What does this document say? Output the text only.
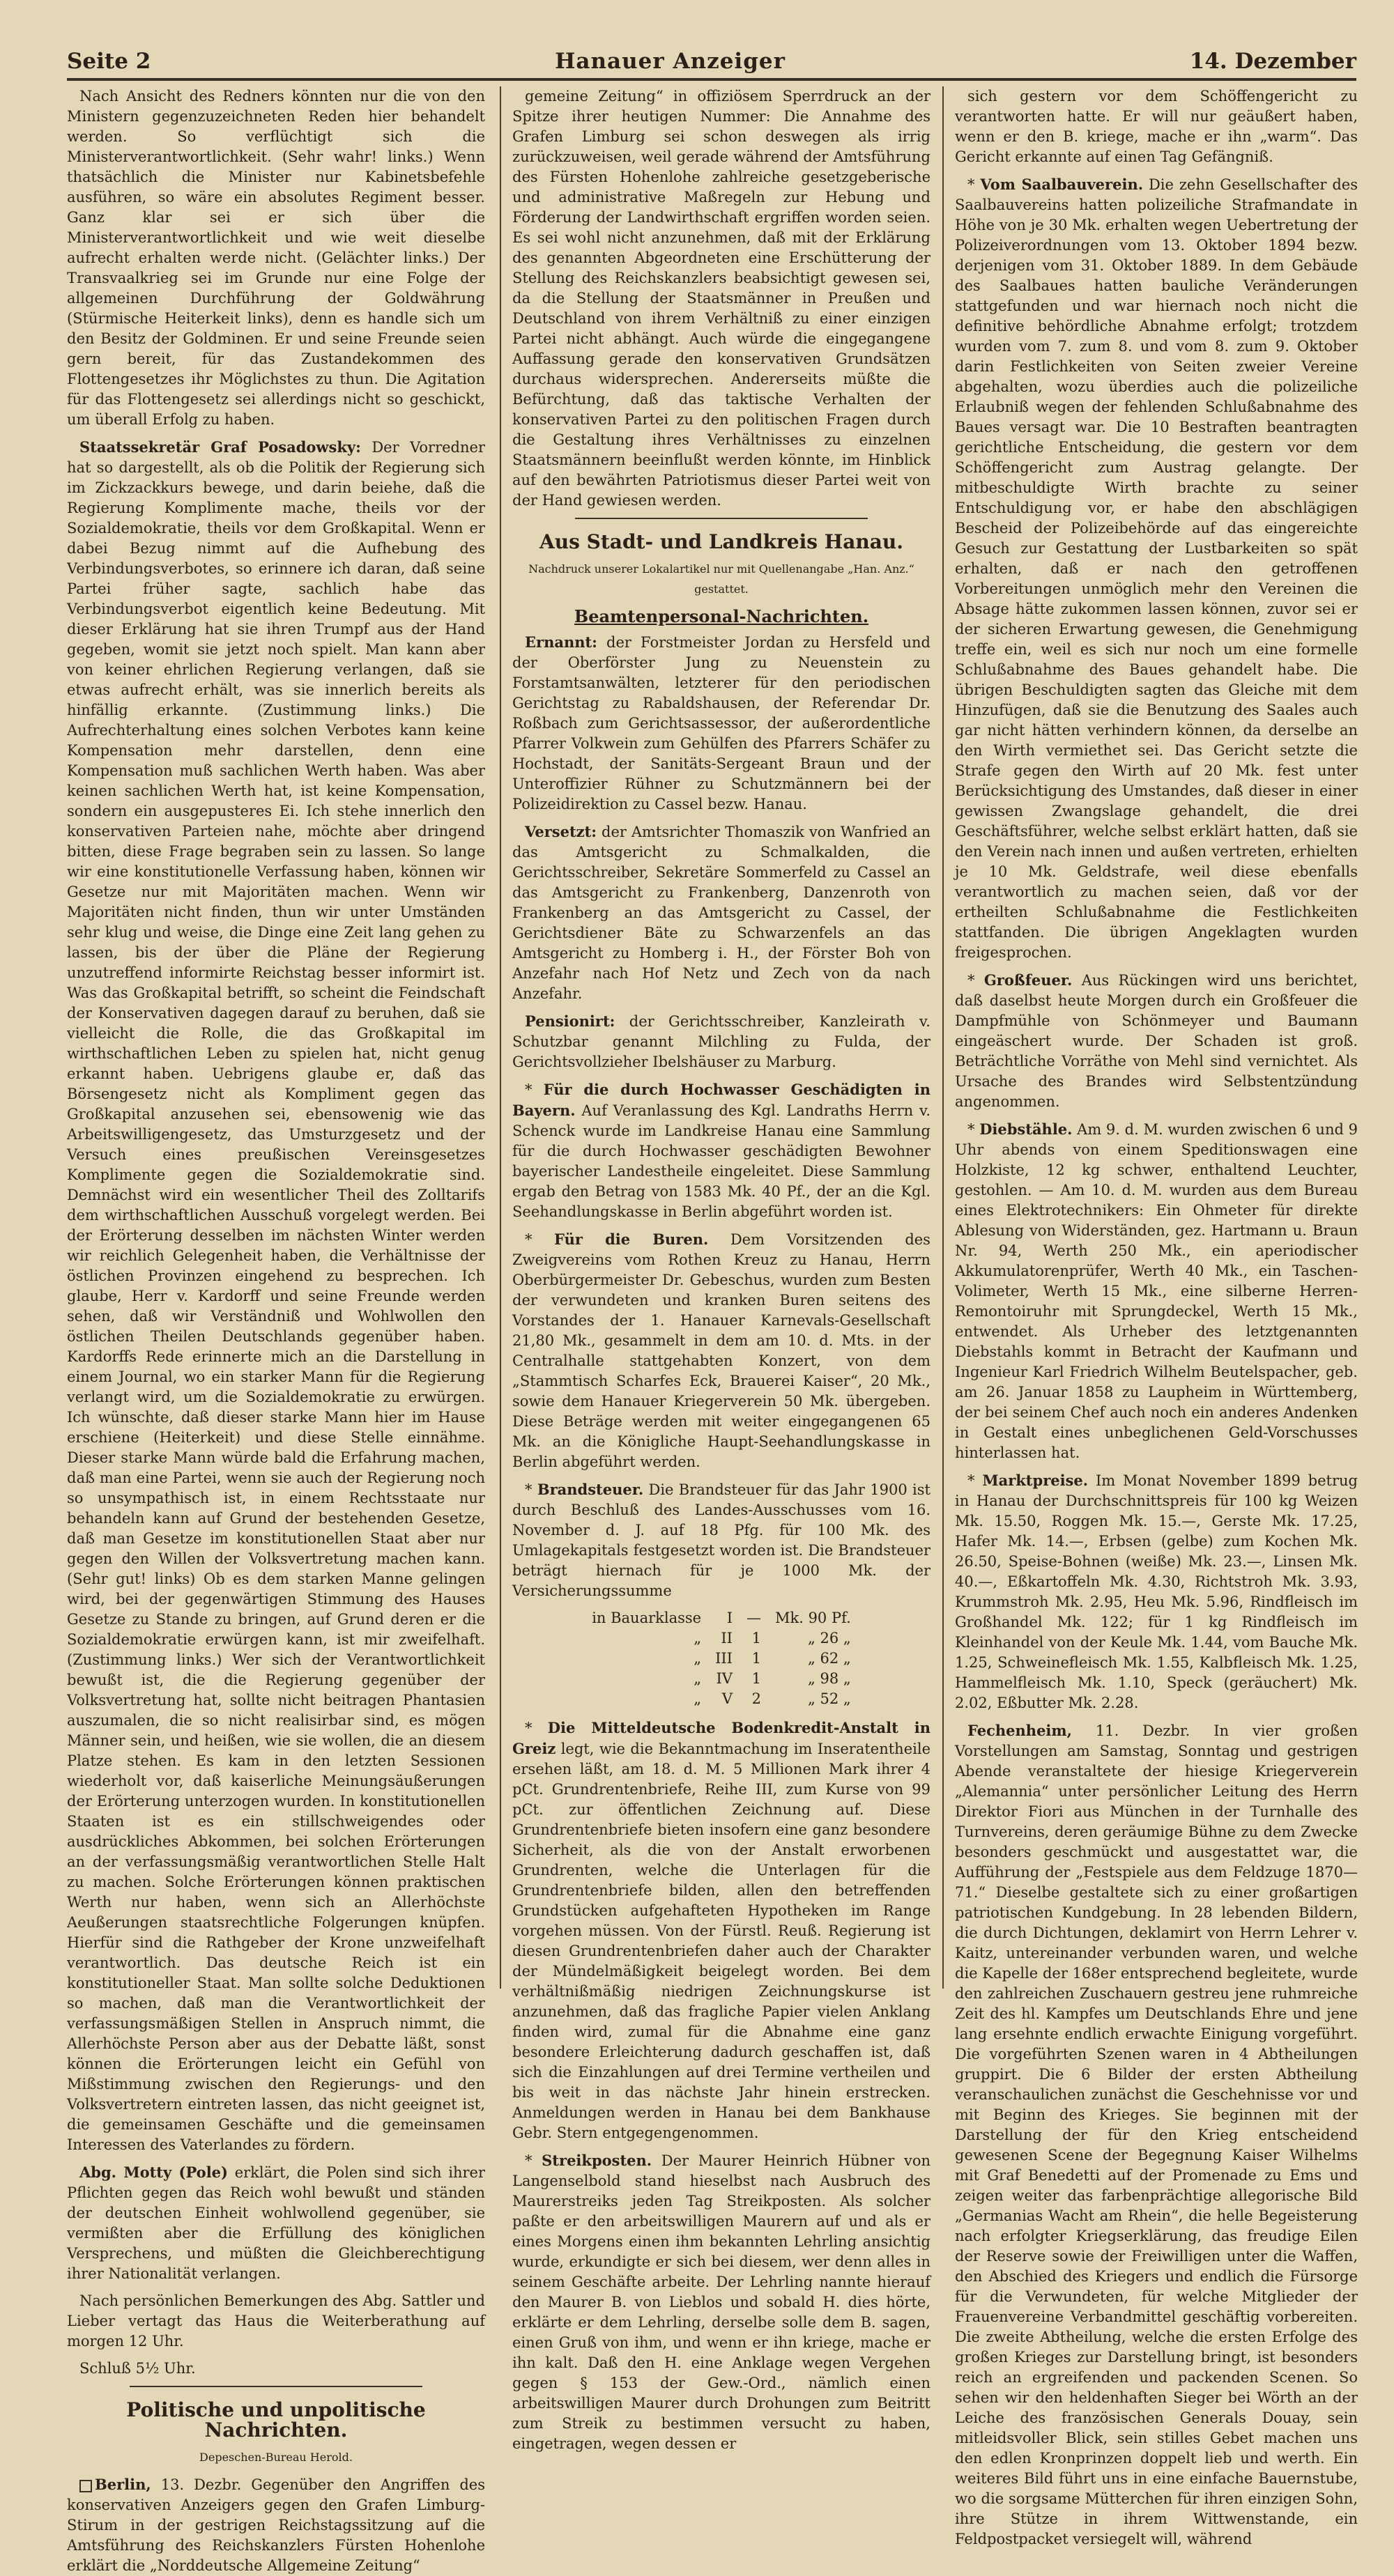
Seite 2	Hanauer Anzeiger	14. Dezember

Nach Ansicht des Redners könnten nur die von den Ministern gegenzuzeichneten Reden hier behandelt werden. So verflüchtigt sich die Ministerverantwortlichkeit. (Sehr wahr! links.) Wenn thatsächlich die Minister nur Kabinetsbefehle ausführen, so wäre ein absolutes Regiment besser. Ganz klar sei er sich über die Ministerverantwortlichkeit und wie weit dieselbe aufrecht erhalten werde nicht. (Gelächter links.) Der Transvaalkrieg sei im Grunde nur eine Folge der allgemeinen Durchführung der Goldwährung (Stürmische Heiterkeit links), denn es handle sich um den Besitz der Goldminen. Er und seine Freunde seien gern bereit, für das Zustandekommen des Flottengesetzes ihr Möglichstes zu thun. Die Agitation für das Flottengesetz sei allerdings nicht so geschickt, um überall Erfolg zu haben.

Staatssekretär Graf Posadowsky: Der Vorredner hat so dargestellt, als ob die Politik der Regierung sich im Zickzackkurs bewege, und darin beiehe, daß die Regierung Komplimente mache, theils vor der Sozialdemokratie, theils vor dem Großkapital. Wenn er dabei Bezug nimmt auf die Aufhebung des Verbindungsverbotes, so erinnere ich daran, daß seine Partei früher sagte, sachlich habe das Verbindungsverbot eigentlich keine Bedeutung. Mit dieser Erklärung hat sie ihren Trumpf aus der Hand gegeben, womit sie jetzt noch spielt. Man kann aber von keiner ehrlichen Regierung verlangen, daß sie etwas aufrecht erhält, was sie innerlich bereits als hinfällig erkannte. (Zustimmung links.) Die Aufrechterhaltung eines solchen Verbotes kann keine Kompensation mehr darstellen, denn eine Kompensation muß sachlichen Werth haben. Was aber keinen sachlichen Werth hat, ist keine Kompensation, sondern ein ausgepusteres Ei. Ich stehe innerlich den konservativen Parteien nahe, möchte aber dringend bitten, diese Frage begraben sein zu lassen. So lange wir eine konstitutionelle Verfassung haben, können wir Gesetze nur mit Majoritäten machen. Wenn wir Majoritäten nicht finden, thun wir unter Umständen sehr klug und weise, die Dinge eine Zeit lang gehen zu lassen, bis der über die Pläne der Regierung unzutreffend informirte Reichstag besser informirt ist. Was das Großkapital betrifft, so scheint die Feindschaft der Konservativen dagegen darauf zu beruhen, daß sie vielleicht die Rolle, die das Großkapital im wirthschaftlichen Leben zu spielen hat, nicht genug erkannt haben. Uebrigens glaube er, daß das Börsengesetz nicht als Kompliment gegen das Großkapital anzusehen sei, ebensowenig wie das Arbeitswilligengesetz, das Umsturzgesetz und der Versuch eines preußischen Vereinsgesetzes Komplimente gegen die Sozialdemokratie sind. Demnächst wird ein wesentlicher Theil des Zolltarifs dem wirthschaftlichen Ausschuß vorgelegt werden. Bei der Erörterung desselben im nächsten Winter werden wir reichlich Gelegenheit haben, die Verhältnisse der östlichen Provinzen eingehend zu besprechen. Ich glaube, Herr v. Kardorff und seine Freunde werden sehen, daß wir Verständniß und Wohlwollen den östlichen Theilen Deutschlands gegenüber haben. Kardorffs Rede erinnerte mich an die Darstellung in einem Journal, wo ein starker Mann für die Regierung verlangt wird, um die Sozialdemokratie zu erwürgen. Ich wünschte, daß dieser starke Mann hier im Hause erschiene (Heiterkeit) und diese Stelle einnähme. Dieser starke Mann würde bald die Erfahrung machen, daß man eine Partei, wenn sie auch der Regierung noch so unsympathisch ist, in einem Rechtsstaate nur behandeln kann auf Grund der bestehenden Gesetze, daß man Gesetze im konstitutionellen Staat aber nur gegen den Willen der Volksvertretung machen kann. (Sehr gut! links) Ob es dem starken Manne gelingen wird, bei der gegenwärtigen Stimmung des Hauses Gesetze zu Stande zu bringen, auf Grund deren er die Sozialdemokratie erwürgen kann, ist mir zweifelhaft. (Zustimmung links.) Wer sich der Verantwortlichkeit bewußt ist, die die Regierung gegenüber der Volksvertretung hat, sollte nicht beitragen Phantasien auszumalen, die so nicht realisirbar sind, es mögen Männer sein, und heißen, wie sie wollen, die an diesem Platze stehen. Es kam in den letzten Sessionen wiederholt vor, daß kaiserliche Meinungsäußerungen der Erörterung unterzogen wurden. In konstitutionellen Staaten ist es ein stillschweigendes oder ausdrückliches Abkommen, bei solchen Erörterungen an der verfassungsmäßig verantwortlichen Stelle Halt zu machen. Solche Erörterungen können praktischen Werth nur haben, wenn sich an Allerhöchste Aeußerungen staatsrechtliche Folgerungen knüpfen. Hierfür sind die Rathgeber der Krone unzweifelhaft verantwortlich. Das deutsche Reich ist ein konstitutioneller Staat. Man sollte solche Deduktionen so machen, daß man die Verantwortlichkeit der verfassungsmäßigen Stellen in Anspruch nimmt, die Allerhöchste Person aber aus der Debatte läßt, sonst können die Erörterungen leicht ein Gefühl von Mißstimmung zwischen den Regierungs- und den Volksvertretern eintreten lassen, das nicht geeignet ist, die gemeinsamen Geschäfte und die gemeinsamen Interessen des Vaterlandes zu fördern.

Abg. Motty (Pole) erklärt, die Polen sind sich ihrer Pflichten gegen das Reich wohl bewußt und ständen der deutschen Einheit wohlwollend gegenüber, sie vermißten aber die Erfüllung des königlichen Versprechens, und müßten die Gleichberechtigung ihrer Nationalität verlangen.

Nach persönlichen Bemerkungen des Abg. Sattler und Lieber vertagt das Haus die Weiterberathung auf morgen 12 Uhr.

Schluß 5½ Uhr.

Politische und unpolitische Nachrichten.
Depeschen-Bureau Herold.

Berlin, 13. Dezbr. Gegenüber den Angriffen des konservativen Anzeigers gegen den Grafen Limburg-Stirum in der gestrigen Reichstagssitzung auf die Amtsführung des Reichskanzlers Fürsten Hohenlohe erklärt die „Norddeutsche Allgemeine Zeitung“

gemeine Zeitung“ in offiziösem Sperrdruck an der Spitze ihrer heutigen Nummer: Die Annahme des Grafen Limburg sei schon deswegen als irrig zurückzuweisen, weil gerade während der Amtsführung des Fürsten Hohenlohe zahlreiche gesetzgeberische und administrative Maßregeln zur Hebung und Förderung der Landwirthschaft ergriffen worden seien. Es sei wohl nicht anzunehmen, daß mit der Erklärung des genannten Abgeordneten eine Erschütterung der Stellung des Reichskanzlers beabsichtigt gewesen sei, da die Stellung der Staatsmänner in Preußen und Deutschland von ihrem Verhältniß zu einer einzigen Partei nicht abhängt. Auch würde die eingegangene Auffassung gerade den konservativen Grundsätzen durchaus widersprechen. Andererseits müßte die Befürchtung, daß das taktische Verhalten der konservativen Partei zu den politischen Fragen durch die Gestaltung ihres Verhältnisses zu einzelnen Staatsmännern beeinflußt werden könnte, im Hinblick auf den bewährten Patriotismus dieser Partei weit von der Hand gewiesen werden.

Aus Stadt- und Landkreis Hanau.
Nachdruck unserer Lokalartikel nur mit Quellenangabe „Han. Anz.“ gestattet.
Beamtenpersonal-Nachrichten.

Ernannt: der Forstmeister Jordan zu Hersfeld und der Oberförster Jung zu Neuenstein zu Forstamtsanwälten, letzterer für den periodischen Gerichtstag zu Rabaldshausen, der Referendar Dr. Roßbach zum Gerichtsassessor, der außerordentliche Pfarrer Volkwein zum Gehülfen des Pfarrers Schäfer zu Hochstadt, der Sanitäts-Sergeant Braun und der Unteroffizier Rühner zu Schutzmännern bei der Polizeidirektion zu Cassel bezw. Hanau.

Versetzt: der Amtsrichter Thomaszik von Wanfried an das Amtsgericht zu Schmalkalden, die Gerichtsschreiber, Sekretäre Sommerfeld zu Cassel an das Amtsgericht zu Frankenberg, Danzenroth von Frankenberg an das Amtsgericht zu Cassel, der Gerichtsdiener Bäte zu Schwarzenfels an das Amtsgericht zu Homberg i. H., der Förster Boh von Anzefahr nach Hof Netz und Zech von da nach Anzefahr.

Pensionirt: der Gerichtsschreiber, Kanzleirath v. Schutzbar genannt Milchling zu Fulda, der Gerichtsvollzieher Ibelshäuser zu Marburg.

* Für die durch Hochwasser Geschädigten in Bayern. Auf Veranlassung des Kgl. Landraths Herrn v. Schenck wurde im Landkreise Hanau eine Sammlung für die durch Hochwasser geschädigten Bewohner bayerischer Landestheile eingeleitet. Diese Sammlung ergab den Betrag von 1583 Mk. 40 Pf., der an die Kgl. Seehandlungskasse in Berlin abgeführt worden ist.

* Für die Buren. Dem Vorsitzenden des Zweigvereins vom Rothen Kreuz zu Hanau, Herrn Oberbürgermeister Dr. Gebeschus, wurden zum Besten der verwundeten und kranken Buren seitens des Vorstandes der 1. Hanauer Karnevals-Gesellschaft 21,80 Mk., gesammelt in dem am 10. d. Mts. in der Centralhalle stattgehabten Konzert, von dem „Stammtisch Scharfes Eck, Brauerei Kaiser“, 20 Mk., sowie dem Hanauer Kriegerverein 50 Mk. übergeben. Diese Beträge werden mit weiter eingegangenen 65 Mk. an die Königliche Haupt-Seehandlungskasse in Berlin abgeführt werden.

* Brandsteuer. Die Brandsteuer für das Jahr 1900 ist durch Beschluß des Landes-Ausschusses vom 16. November d. J. auf 18 Pfg. für 100 Mk. des Umlagekapitals festgesetzt worden ist. Die Brandsteuer beträgt hiernach für je 1000 Mk. der Versicherungssumme

in Bauarklasse	I	—	Mk. 90 Pf.
„	II	1	„ 26 „
„	III	1	„ 62 „
„	IV	1	„ 98 „
„	V	2	„ 52 „

* Die Mitteldeutsche Bodenkredit-Anstalt in Greiz legt, wie die Bekanntmachung im Inseratentheile ersehen läßt, am 18. d. M. 5 Millionen Mark ihrer 4 pCt. Grundrentenbriefe, Reihe III, zum Kurse von 99 pCt. zur öffentlichen Zeichnung auf. Diese Grundrentenbriefe bieten insofern eine ganz besondere Sicherheit, als die von der Anstalt erworbenen Grundrenten, welche die Unterlagen für die Grundrentenbriefe bilden, allen den betreffenden Grundstücken aufgehafteten Hypotheken im Range vorgehen müssen. Von der Fürstl. Reuß. Regierung ist diesen Grundrentenbriefen daher auch der Charakter der Mündelmäßigkeit beigelegt worden. Bei dem verhältnißmäßig niedrigen Zeichnungskurse ist anzunehmen, daß das fragliche Papier vielen Anklang finden wird, zumal für die Abnahme eine ganz besondere Erleichterung dadurch geschaffen ist, daß sich die Einzahlungen auf drei Termine vertheilen und bis weit in das nächste Jahr hinein erstrecken. Anmeldungen werden in Hanau bei dem Bankhause Gebr. Stern entgegengenommen.

* Streikposten. Der Maurer Heinrich Hübner von Langenselbold stand hieselbst nach Ausbruch des Maurerstreiks jeden Tag Streikposten. Als solcher paßte er den arbeitswilligen Maurern auf und als er eines Morgens einen ihm bekannten Lehrling ansichtig wurde, erkundigte er sich bei diesem, wer denn alles in seinem Geschäfte arbeite. Der Lehrling nannte hierauf den Maurer B. von Lieblos und sobald H. dies hörte, erklärte er dem Lehrling, derselbe solle dem B. sagen, einen Gruß von ihm, und wenn er ihn kriege, mache er ihn kalt. Daß den H. eine Anklage wegen Vergehen gegen § 153 der Gew.-Ord., nämlich einen arbeitswilligen Maurer durch Drohungen zum Beitritt zum Streik zu bestimmen versucht zu haben, eingetragen, wegen dessen er

sich gestern vor dem Schöffengericht zu verantworten hatte. Er will nur geäußert haben, wenn er den B. kriege, mache er ihn „warm“. Das Gericht erkannte auf einen Tag Gefängniß.

* Vom Saalbauverein. Die zehn Gesellschafter des Saalbauvereins hatten polizeiliche Strafmandate in Höhe von je 30 Mk. erhalten wegen Uebertretung der Polizeiverordnungen vom 13. Oktober 1894 bezw. derjenigen vom 31. Oktober 1889. In dem Gebäude des Saalbaues hatten bauliche Veränderungen stattgefunden und war hiernach noch nicht die definitive behördliche Abnahme erfolgt; trotzdem wurden vom 7. zum 8. und vom 8. zum 9. Oktober darin Festlichkeiten von Seiten zweier Vereine abgehalten, wozu überdies auch die polizeiliche Erlaubniß wegen der fehlenden Schlußabnahme des Baues versagt war. Die 10 Bestraften beantragten gerichtliche Entscheidung, die gestern vor dem Schöffengericht zum Austrag gelangte. Der mitbeschuldigte Wirth brachte zu seiner Entschuldigung vor, er habe den abschlägigen Bescheid der Polizeibehörde auf das eingereichte Gesuch zur Gestattung der Lustbarkeiten so spät erhalten, daß er nach den getroffenen Vorbereitungen unmöglich mehr den Vereinen die Absage hätte zukommen lassen können, zuvor sei er der sicheren Erwartung gewesen, die Genehmigung treffe ein, weil es sich nur noch um eine formelle Schlußabnahme des Baues gehandelt habe. Die übrigen Beschuldigten sagten das Gleiche mit dem Hinzufügen, daß sie die Benutzung des Saales auch gar nicht hätten verhindern können, da derselbe an den Wirth vermiethet sei. Das Gericht setzte die Strafe gegen den Wirth auf 20 Mk. fest unter Berücksichtigung des Umstandes, daß dieser in einer gewissen Zwangslage gehandelt, die drei Geschäftsführer, welche selbst erklärt hatten, daß sie den Verein nach innen und außen vertreten, erhielten je 10 Mk. Geldstrafe, weil diese ebenfalls verantwortlich zu machen seien, daß vor der ertheilten Schlußabnahme die Festlichkeiten stattfanden. Die übrigen Angeklagten wurden freigesprochen.

* Großfeuer. Aus Rückingen wird uns berichtet, daß daselbst heute Morgen durch ein Großfeuer die Dampfmühle von Schönmeyer und Baumann eingeäschert wurde. Der Schaden ist groß. Beträchtliche Vorräthe von Mehl sind vernichtet. Als Ursache des Brandes wird Selbstentzündung angenommen.

* Diebstähle. Am 9. d. M. wurden zwischen 6 und 9 Uhr abends von einem Speditionswagen eine Holzkiste, 12 kg schwer, enthaltend Leuchter, gestohlen. — Am 10. d. M. wurden aus dem Bureau eines Elektrotechnikers: Ein Ohmeter für direkte Ablesung von Widerständen, gez. Hartmann u. Braun Nr. 94, Werth 250 Mk., ein aperiodischer Akkumulatorenprüfer, Werth 40 Mk., ein Taschen-Volimeter, Werth 15 Mk., eine silberne Herren-Remontoiruhr mit Sprungdeckel, Werth 15 Mk., entwendet. Als Urheber des letztgenannten Diebstahls kommt in Betracht der Kaufmann und Ingenieur Karl Friedrich Wilhelm Beutelspacher, geb. am 26. Januar 1858 zu Laupheim in Württemberg, der bei seinem Chef auch noch ein anderes Andenken in Gestalt eines unbeglichenen Geld-Vorschusses hinterlassen hat.

* Marktpreise. Im Monat November 1899 betrug in Hanau der Durchschnittspreis für 100 kg Weizen Mk. 15.50, Roggen Mk. 15.—, Gerste Mk. 17.25, Hafer Mk. 14.—, Erbsen (gelbe) zum Kochen Mk. 26.50, Speise-Bohnen (weiße) Mk. 23.—, Linsen Mk. 40.—, Eßkartoffeln Mk. 4.30, Richtstroh Mk. 3.93, Krummstroh Mk. 2.95, Heu Mk. 5.96, Rindfleisch im Großhandel Mk. 122; für 1 kg Rindfleisch im Kleinhandel von der Keule Mk. 1.44, vom Bauche Mk. 1.25, Schweinefleisch Mk. 1.55, Kalbfleisch Mk. 1.25, Hammelfleisch Mk. 1.10, Speck (geräuchert) Mk. 2.02, Eßbutter Mk. 2.28.

Fechenheim, 11. Dezbr. In vier großen Vorstellungen am Samstag, Sonntag und gestrigen Abende veranstaltete der hiesige Kriegerverein „Alemannia“ unter persönlicher Leitung des Herrn Direktor Fiori aus München in der Turnhalle des Turnvereins, deren geräumige Bühne zu dem Zwecke besonders geschmückt und ausgestattet war, die Aufführung der „Festspiele aus dem Feldzuge 1870—71.“ Dieselbe gestaltete sich zu einer großartigen patriotischen Kundgebung. In 28 lebenden Bildern, die durch Dichtungen, deklamirt von Herrn Lehrer v. Kaitz, untereinander verbunden waren, und welche die Kapelle der 168er entsprechend begleitete, wurde den zahlreichen Zuschauern gestreu jene ruhmreiche Zeit des hl. Kampfes um Deutschlands Ehre und jene lang ersehnte endlich erwachte Einigung vorgeführt. Die vorgeführten Szenen waren in 4 Abtheilungen gruppirt. Die 6 Bilder der ersten Abtheilung veranschaulichen zunächst die Geschehnisse vor und mit Beginn des Krieges. Sie beginnen mit der Darstellung der für den Krieg entscheidend gewesenen Scene der Begegnung Kaiser Wilhelms mit Graf Benedetti auf der Promenade zu Ems und zeigen weiter das farbenprächtige allegorische Bild „Germanias Wacht am Rhein“, die helle Begeisterung nach erfolgter Kriegserklärung, das freudige Eilen der Reserve sowie der Freiwilligen unter die Waffen, den Abschied des Kriegers und endlich die Fürsorge für die Verwundeten, für welche Mitglieder der Frauenvereine Verbandmittel geschäftig vorbereiten. Die zweite Abtheilung, welche die ersten Erfolge des großen Krieges zur Darstellung bringt, ist besonders reich an ergreifenden und packenden Scenen. So sehen wir den heldenhaften Sieger bei Wörth an der Leiche des französischen Generals Douay, sein mitleidsvoller Blick, sein stilles Gebet machen uns den edlen Kronprinzen doppelt lieb und werth. Ein weiteres Bild führt uns in eine einfache Bauernstube, wo die sorgsame Mütterchen für ihren einzigen Sohn, ihre Stütze in ihrem Wittwenstande, ein Feldpostpacket versiegelt will, während
